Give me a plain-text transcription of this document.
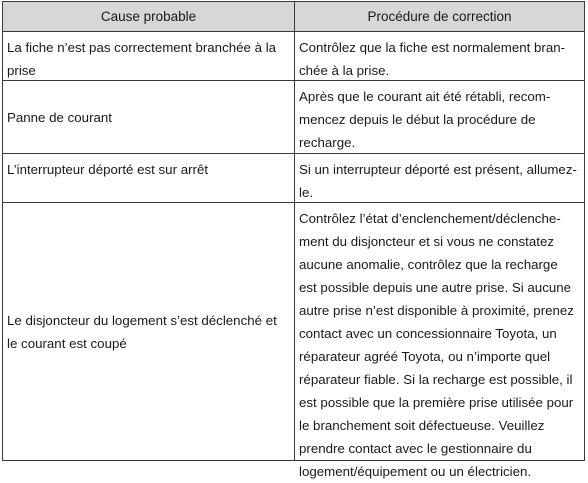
Cause probable	Procédure de correction
La fiche n’est pas correctement branchée à la prise
Contrôlez que la fiche est normalement branchée à la prise.
Panne de courant
Après que le courant ait été rétabli, recommencez depuis le début la procédure de recharge.
L’interrupteur déporté est sur arrêt	Si un interrupteur déporté est présent, allumez-le.
Le disjoncteur du logement s’est déclenché et le courant est coupé
Contrôlez l’état d’enclenchement/déclenchement du disjoncteur et si vous ne constatez aucune anomalie, contrôlez que la recharge est possible depuis une autre prise. Si aucune autre prise n’est disponible à proximité, prenez contact avec un concessionnaire Toyota, un réparateur agréé Toyota, ou n’importe quel réparateur fiable. Si la recharge est possible, il est possible que la première prise utilisée pour le branchement soit défectueuse. Veuillez prendre contact avec le gestionnaire du logement/équipement ou un électricien.
